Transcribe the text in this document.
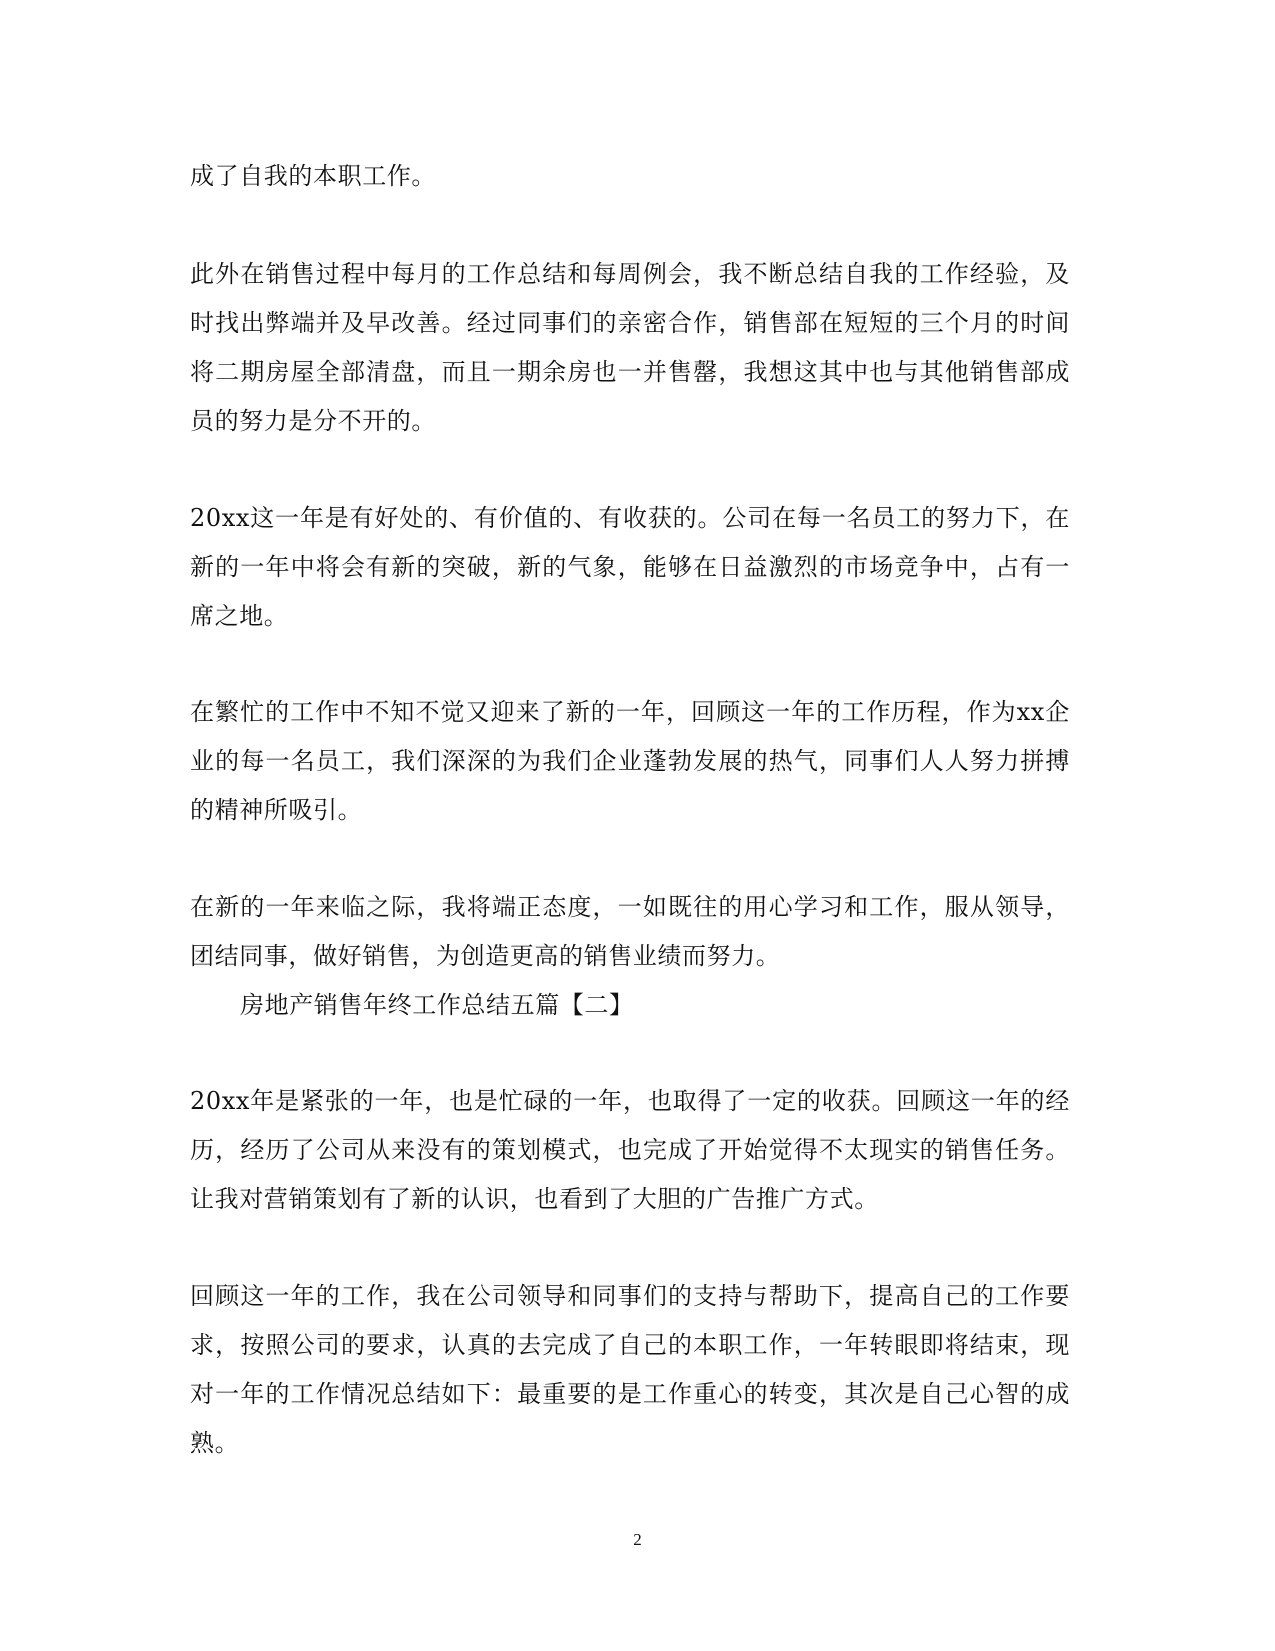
成了自我的本职工作。

此外在销售过程中每月的工作总结和每周例会，我不断总结自我的工作经验，及时找出弊端并及早改善。经过同事们的亲密合作，销售部在短短的三个月的时间将二期房屋全部清盘，而且一期余房也一并售罄，我想这其中也与其他销售部成员的努力是分不开的。

20xx这一年是有好处的、有价值的、有收获的。公司在每一名员工的努力下，在新的一年中将会有新的突破，新的气象，能够在日益激烈的市场竞争中，占有一席之地。

在繁忙的工作中不知不觉又迎来了新的一年，回顾这一年的工作历程，作为xx企业的每一名员工，我们深深的为我们企业蓬勃发展的热气，同事们人人努力拼搏的精神所吸引。

在新的一年来临之际，我将端正态度，一如既往的用心学习和工作，服从领导，团结同事，做好销售，为创造更高的销售业绩而努力。

房地产销售年终工作总结五篇【二】

20xx年是紧张的一年，也是忙碌的一年，也取得了一定的收获。回顾这一年的经历，经历了公司从来没有的策划模式，也完成了开始觉得不太现实的销售任务。让我对营销策划有了新的认识，也看到了大胆的广告推广方式。

回顾这一年的工作，我在公司领导和同事们的支持与帮助下，提高自己的工作要求，按照公司的要求，认真的去完成了自己的本职工作，一年转眼即将结束，现对一年的工作情况总结如下：最重要的是工作重心的转变，其次是自己心智的成熟。

2
